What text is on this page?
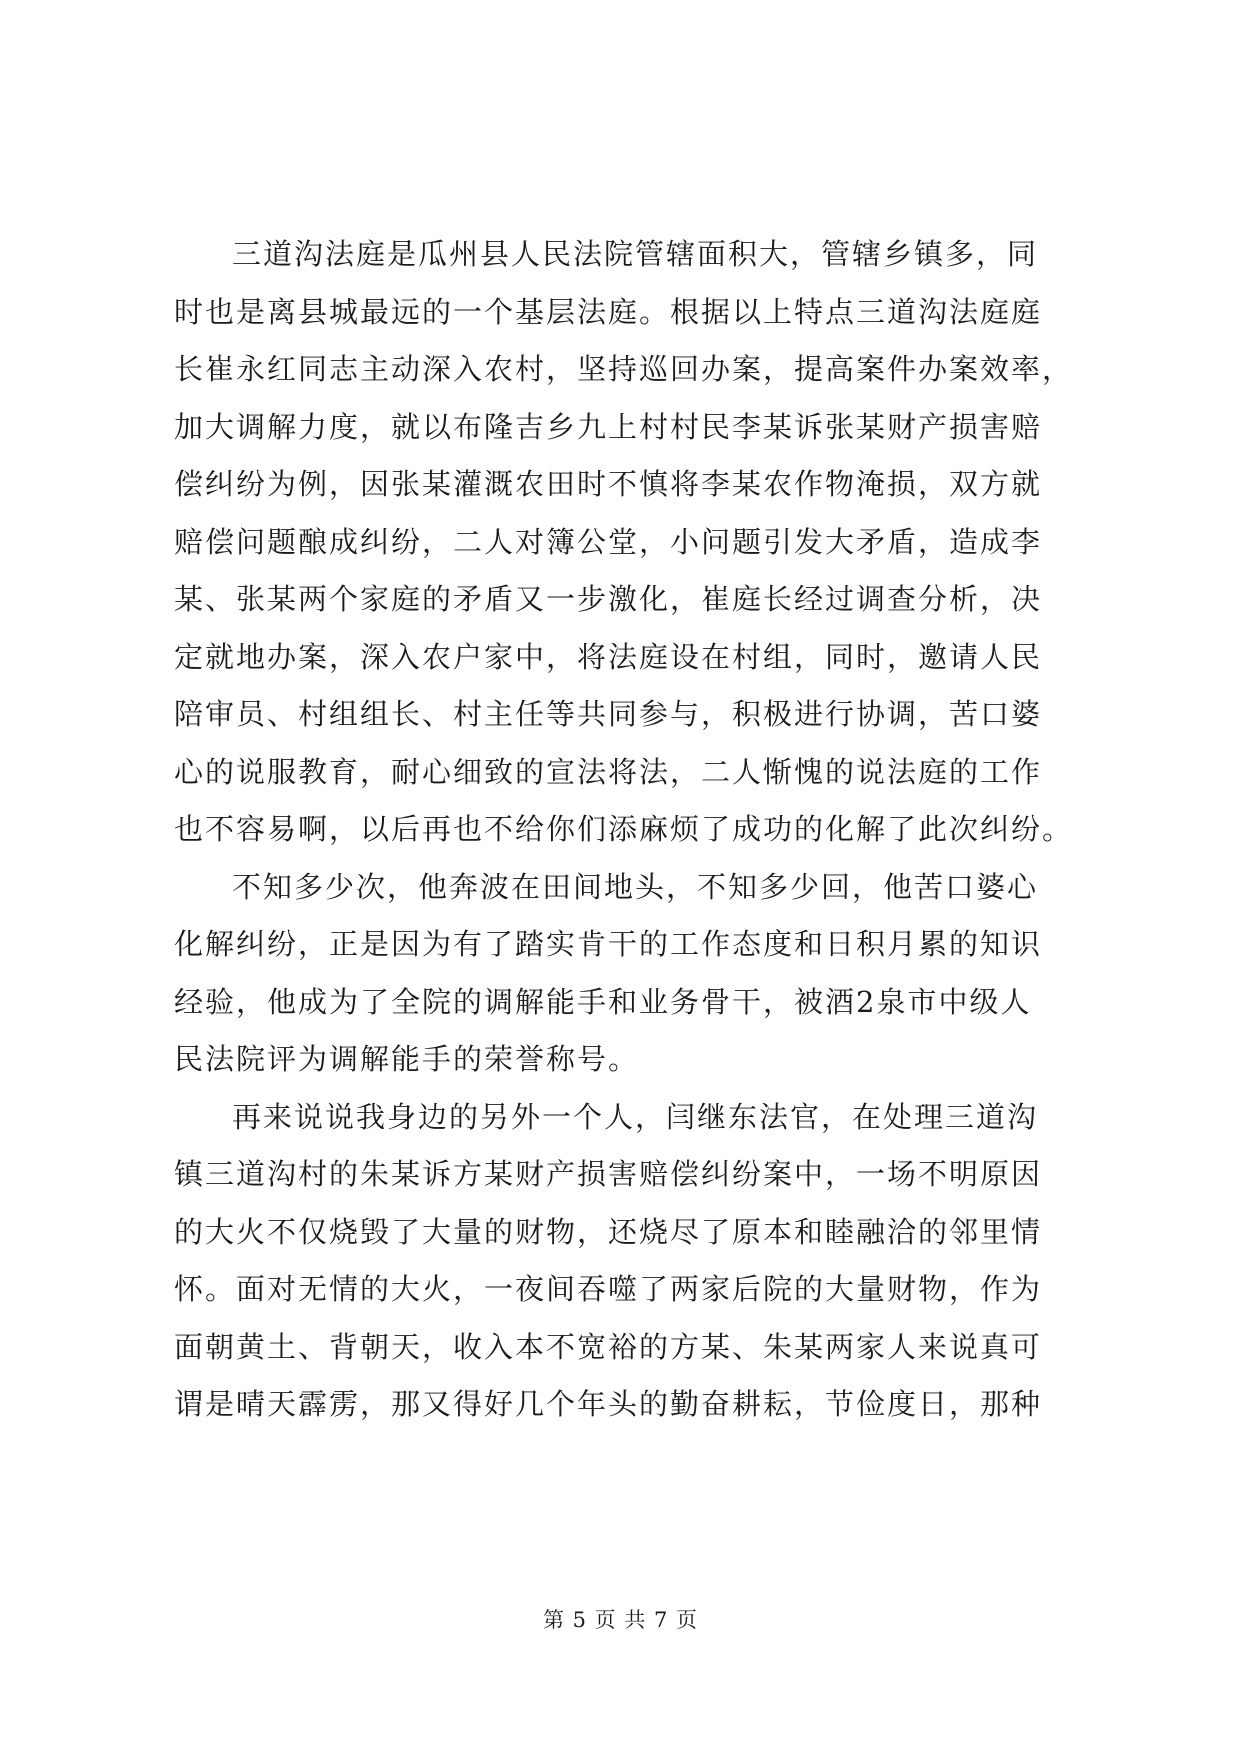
三道沟法庭是瓜州县人民法院管辖面积大，管辖乡镇多，同
时也是离县城最远的一个基层法庭。根据以上特点三道沟法庭庭
长崔永红同志主动深入农村，坚持巡回办案，提高案件办案效率，
加大调解力度，就以布隆吉乡九上村村民李某诉张某财产损害赔
偿纠纷为例，因张某灌溉农田时不慎将李某农作物淹损，双方就
赔偿问题酿成纠纷，二人对簿公堂，小问题引发大矛盾，造成李
某、张某两个家庭的矛盾又一步激化，崔庭长经过调查分析，决
定就地办案，深入农户家中，将法庭设在村组，同时，邀请人民
陪审员、村组组长、村主任等共同参与，积极进行协调，苦口婆
心的说服教育，耐心细致的宣法将法，二人惭愧的说法庭的工作
也不容易啊，以后再也不给你们添麻烦了成功的化解了此次纠纷。
不知多少次，他奔波在田间地头，不知多少回，他苦口婆心
化解纠纷，正是因为有了踏实肯干的工作态度和日积月累的知识
经验，他成为了全院的调解能手和业务骨干，被酒2泉市中级人
民法院评为调解能手的荣誉称号。
再来说说我身边的另外一个人，闫继东法官，在处理三道沟
镇三道沟村的朱某诉方某财产损害赔偿纠纷案中，一场不明原因
的大火不仅烧毁了大量的财物，还烧尽了原本和睦融洽的邻里情
怀。面对无情的大火，一夜间吞噬了两家后院的大量财物，作为
面朝黄土、背朝天，收入本不宽裕的方某、朱某两家人来说真可
谓是晴天霹雳，那又得好几个年头的勤奋耕耘，节俭度日，那种
第 5 页 共 7 页
